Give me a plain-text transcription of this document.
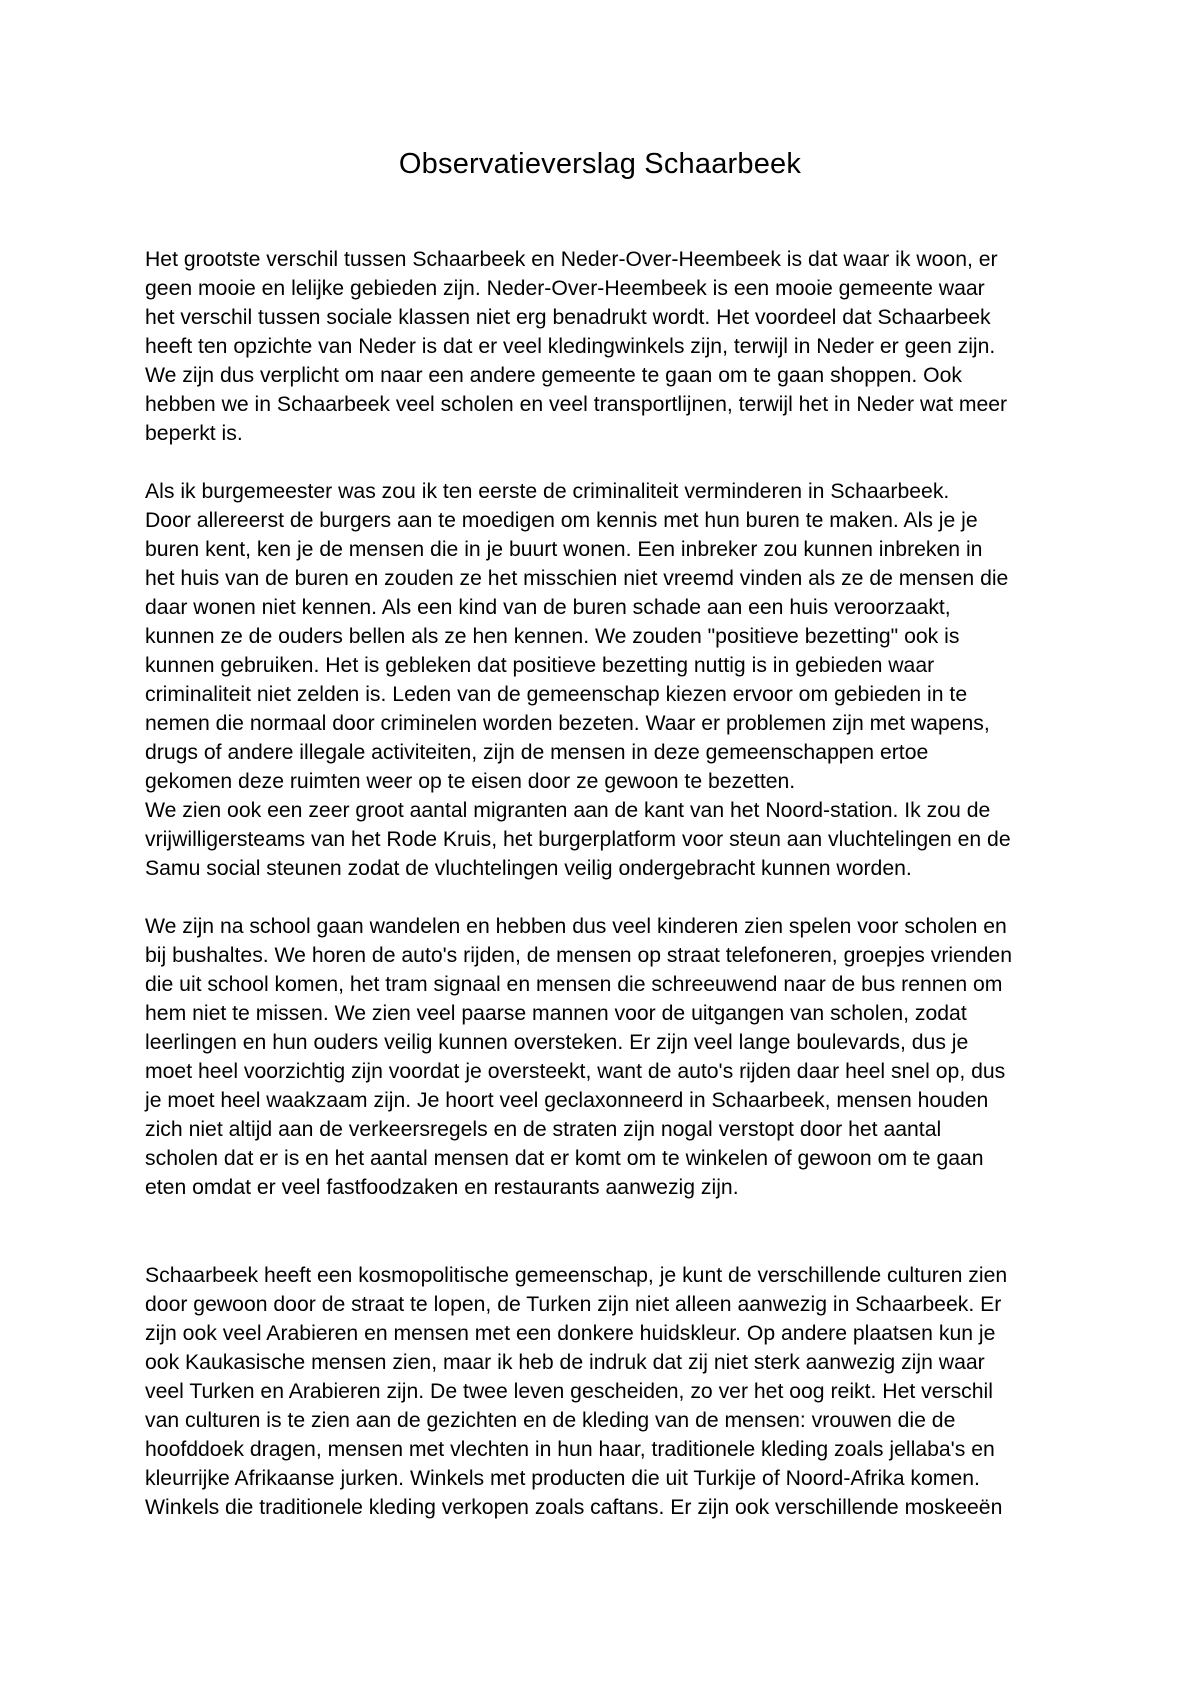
Observatieverslag Schaarbeek
Het grootste verschil tussen Schaarbeek en Neder-Over-Heembeek is dat waar ik woon, er
geen mooie en lelijke gebieden zijn. Neder-Over-Heembeek is een mooie gemeente waar
het verschil tussen sociale klassen niet erg benadrukt wordt. Het voordeel dat Schaarbeek
heeft ten opzichte van Neder is dat er veel kledingwinkels zijn, terwijl in Neder er geen zijn.
We zijn dus verplicht om naar een andere gemeente te gaan om te gaan shoppen. Ook
hebben we in Schaarbeek veel scholen en veel transportlijnen, terwijl het in Neder wat meer
beperkt is.
Als ik burgemeester was zou ik ten eerste de criminaliteit verminderen in Schaarbeek.
Door allereerst de burgers aan te moedigen om kennis met hun buren te maken. Als je je
buren kent, ken je de mensen die in je buurt wonen. Een inbreker zou kunnen inbreken in
het huis van de buren en zouden ze het misschien niet vreemd vinden als ze de mensen die
daar wonen niet kennen. Als een kind van de buren schade aan een huis veroorzaakt,
kunnen ze de ouders bellen als ze hen kennen. We zouden "positieve bezetting" ook is
kunnen gebruiken. Het is gebleken dat positieve bezetting nuttig is in gebieden waar
criminaliteit niet zelden is. Leden van de gemeenschap kiezen ervoor om gebieden in te
nemen die normaal door criminelen worden bezeten. Waar er problemen zijn met wapens,
drugs of andere illegale activiteiten, zijn de mensen in deze gemeenschappen ertoe
gekomen deze ruimten weer op te eisen door ze gewoon te bezetten.
We zien ook een zeer groot aantal migranten aan de kant van het Noord-station. Ik zou de
vrijwilligersteams van het Rode Kruis, het burgerplatform voor steun aan vluchtelingen en de
Samu social steunen zodat de vluchtelingen veilig ondergebracht kunnen worden.
We zijn na school gaan wandelen en hebben dus veel kinderen zien spelen voor scholen en
bij bushaltes. We horen de auto's rijden, de mensen op straat telefoneren, groepjes vrienden
die uit school komen, het tram signaal en mensen die schreeuwend naar de bus rennen om
hem niet te missen. We zien veel paarse mannen voor de uitgangen van scholen, zodat
leerlingen en hun ouders veilig kunnen oversteken. Er zijn veel lange boulevards, dus je
moet heel voorzichtig zijn voordat je oversteekt, want de auto's rijden daar heel snel op, dus
je moet heel waakzaam zijn. Je hoort veel geclaxonneerd in Schaarbeek, mensen houden
zich niet altijd aan de verkeersregels en de straten zijn nogal verstopt door het aantal
scholen dat er is en het aantal mensen dat er komt om te winkelen of gewoon om te gaan
eten omdat er veel fastfoodzaken en restaurants aanwezig zijn.
Schaarbeek heeft een kosmopolitische gemeenschap, je kunt de verschillende culturen zien
door gewoon door de straat te lopen, de Turken zijn niet alleen aanwezig in Schaarbeek. Er
zijn ook veel Arabieren en mensen met een donkere huidskleur. Op andere plaatsen kun je
ook Kaukasische mensen zien, maar ik heb de indruk dat zij niet sterk aanwezig zijn waar
veel Turken en Arabieren zijn. De twee leven gescheiden, zo ver het oog reikt. Het verschil
van culturen is te zien aan de gezichten en de kleding van de mensen: vrouwen die de
hoofddoek dragen, mensen met vlechten in hun haar, traditionele kleding zoals jellaba's en
kleurrijke Afrikaanse jurken. Winkels met producten die uit Turkije of Noord-Afrika komen.
Winkels die traditionele kleding verkopen zoals caftans. Er zijn ook verschillende moskeeën
